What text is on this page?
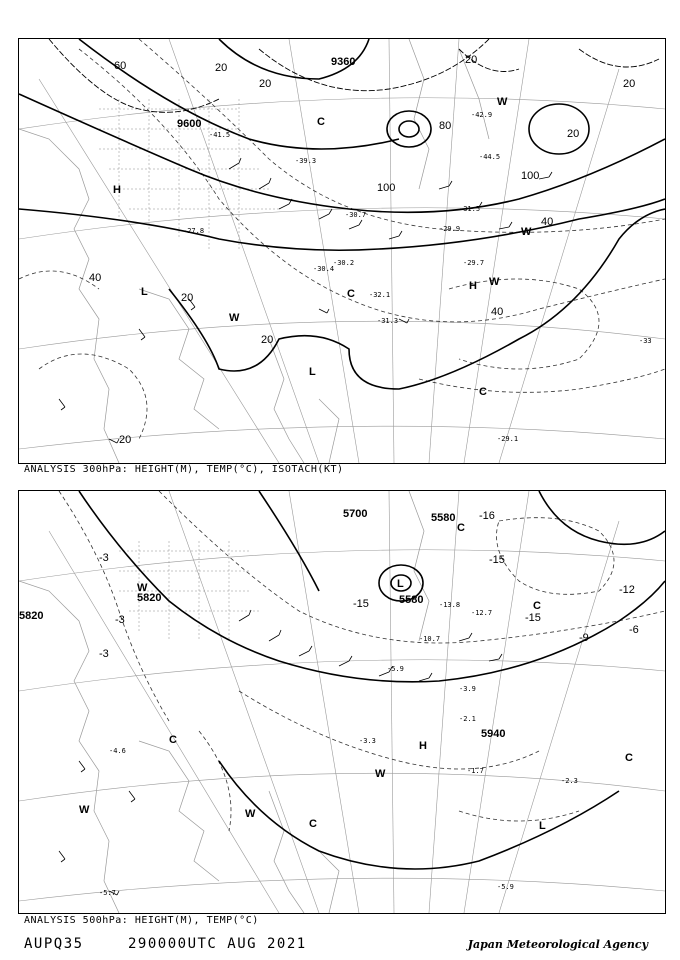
9360
9600
20
20
20
20
60
80
100
100
20
40
40
40
20
20
20
H
H
L
L
C
C
C
W
W
W
W
-42.9
-44.5
-41.5
-39.3
-30.7
-31.5
-29.9
-27.8
-30.4
-30.2	-29.7
-32.1
-31.3
-29.1
-33
ANALYSIS 300hPa: HEIGHT(M), TEMP(°C), ISOTACH(KT)
5700	5580
5820
5940
5580
5820
-3
-3
-3
-15
-15
-15
-12
-9
-6
-16
H
L
L
C
C
C
C
C
W
W	W
W
-13.8
-12.7
-10.7
-5.9
-3.9
-2.1
-1.7
-2.3
-4.6
-5.7
-5.9
-3.3
ANALYSIS 500hPa: HEIGHT(M), TEMP(°C)
AUPQ35	290000UTC AUG 2021	Japan Meteorological Agency
